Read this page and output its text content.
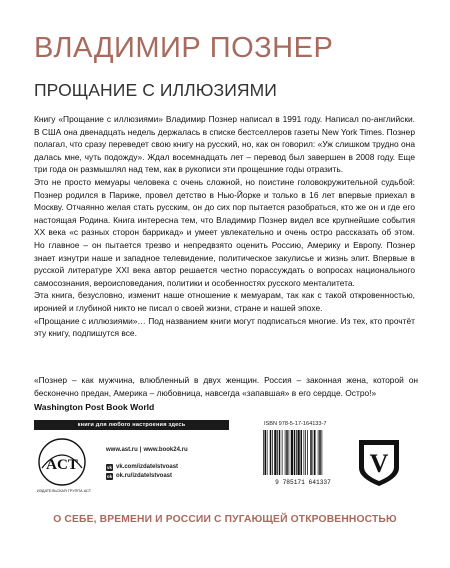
ВЛАДИМИР ПОЗНЕР
ПРОЩАНИЕ С ИЛЛЮЗИЯМИ

Книгу «Прощание с иллюзиями» Владимир Познер написал в 1991 году. Написал по-английски. В США она двенадцать недель держалась в списке бестселлеров газеты New York Times. Познер полагал, что сразу переведет свою книгу на русский, но, как он говорил: «Уж слишком трудно она далась мне, чуть подожду». Ждал восемнадцать лет – перевод был завершен в 2008 году. Еще три года он размышлял над тем, как в рукописи эти прощешние годы отразить.

Это не просто мемуары человека с очень сложной, но поистине головокружительной судьбой: Познер родился в Париже, провел детство в Нью-Йорке и только в 16 лет впервые приехал в Москву. Отчаянно желая стать русским, он до сих пор пытается разобраться, кто же он и где его настоящая Родина. Книга интересна тем, что Владимир Познер видел все крупнейшие события XX века «с разных сторон баррикад» и умеет увлекательно и очень остро рассказать об этом. Но главное – он пытается трезво и непредвзято оценить Россию, Америку и Европу. Познер знает изнутри наше и западное телевидение, политическое закулисье и жизнь элит. Впервые в русской литературе XXI века автор решается честно порассуждать о вопросах национального самосознания, вероисповедания, политики и особенностях русского менталитета.

Эта книга, безусловно, изменит наше отношение к мемуарам, так как с такой откровенностью, иронией и глубиной никто не писал о своей жизни, стране и нашей эпохе.

«Прощание с иллюзиями»… Под названием книги могут подписаться многие. Из тех, кто прочтёт эту книгу, подпишутся все.

«Познер – как мужчина, влюбленный в двух женщин. Россия – законная жена, которой он бесконечно предан, Америка – любовница, навсегда «запавшая» в его сердце. Остро!»
Washington Post Book World
книги для любого настроения здесь
ACT
ИЗДАТЕЛЬСКАЯ ГРУППА АСТ
www.ast.ru | www.book24.ru
vk vk.com/izdatelstvoast
ok ok.ru/izdatelstvoast
ISBN 978-5-17-164133-7
9 785171 641337
V
О СЕБЕ, ВРЕМЕНИ И РОССИИ С ПУГАЮЩЕЙ ОТКРОВЕННОСТЬЮ
